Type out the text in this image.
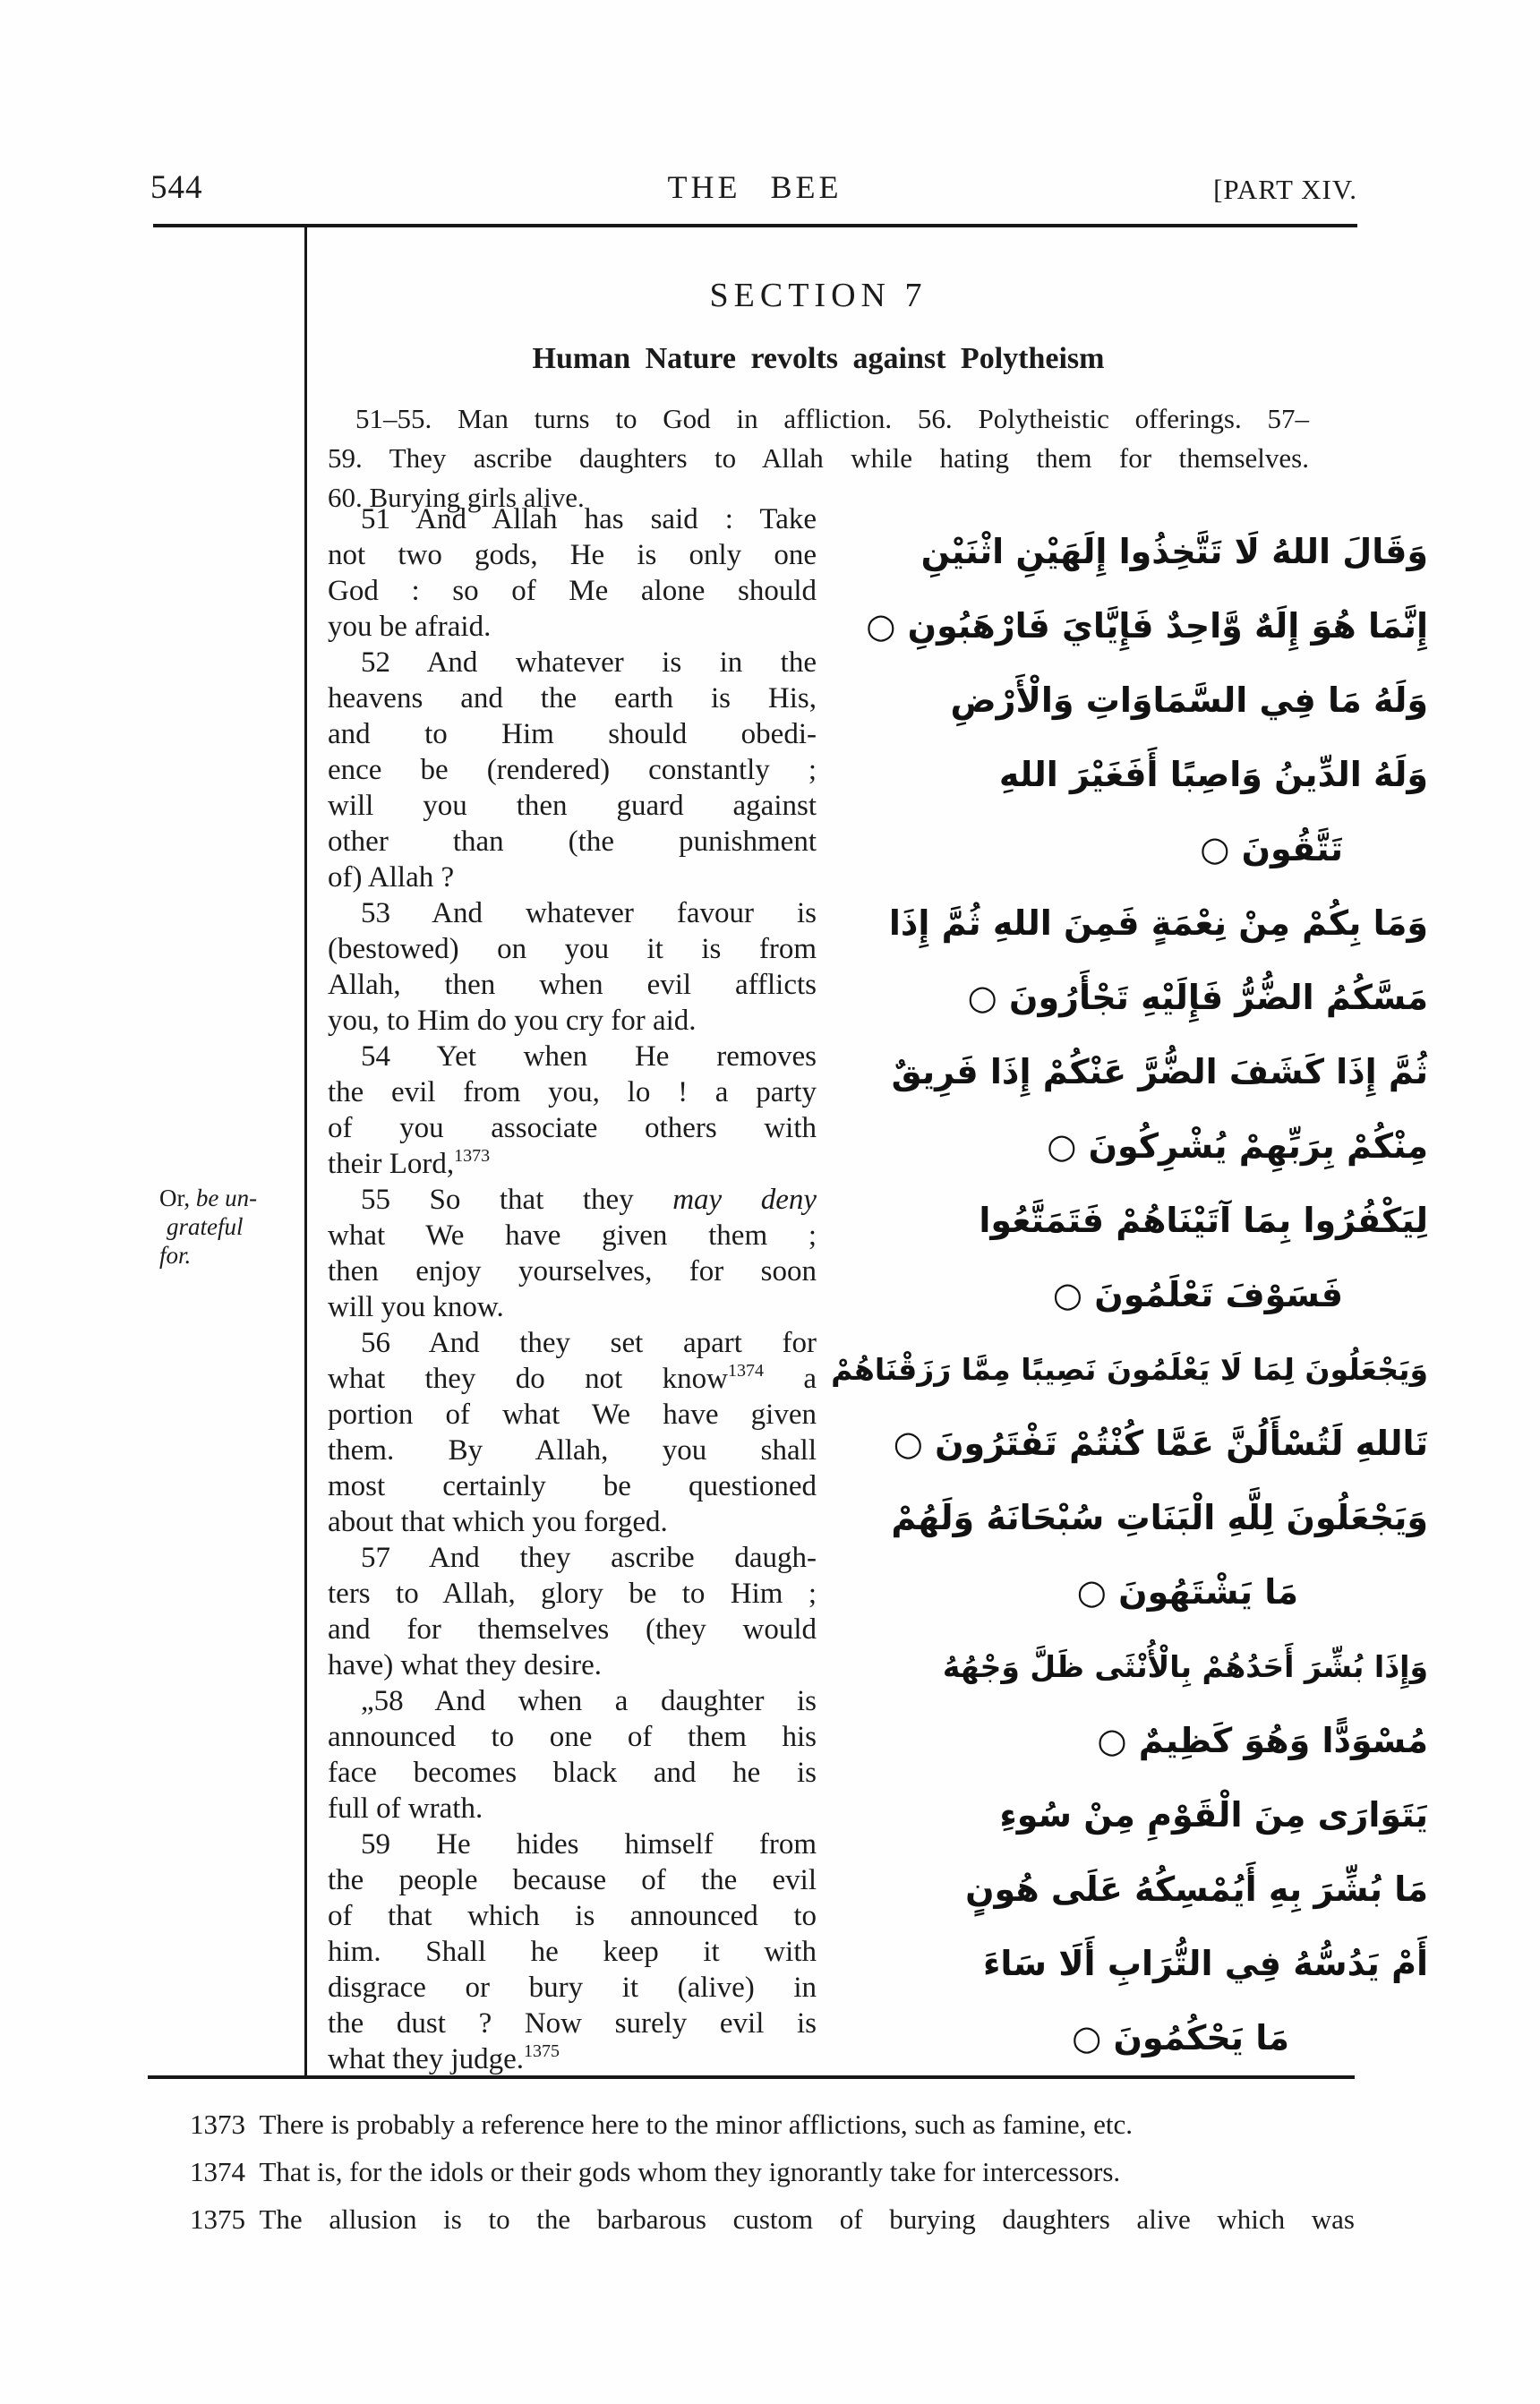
544	THE BEE	[PART XIV.
SECTION 7
Human Nature revolts against Polytheism
51–55. Man turns to God in affliction. 56. Polytheistic offerings. 57–
59. They ascribe daughters to Allah while hating them for themselves.
60. Burying girls alive.
Or, be un-
grateful
for.
51 And Allah has said : Take
not two gods, He is only one
God : so of Me alone should
you be afraid.
52 And whatever is in the
heavens and the earth is His,
and to Him should obedi-
ence be (rendered) constantly ;
will you then guard against
other than (the punishment
of) Allah ?
53 And whatever favour is
(bestowed) on you it is from
Allah, then when evil afflicts
you, to Him do you cry for aid.
54 Yet when He removes
the evil from you, lo ! a party
of you associate others with
their Lord,$^{1373}$
55 So that they may deny
what We have given them ;
then enjoy yourselves, for soon
will you know.
56 And they set apart for
what they do not know$^{1374}$ a
portion of what We have given
them. By Allah, you shall
most certainly be questioned
about that which you forged.
57 And they ascribe daugh-
ters to Allah, glory be to Him ;
and for themselves (they would
have) what they desire.
„58 And when a daughter is
announced to one of them his
face becomes black and he is
full of wrath.
59 He hides himself from
the people because of the evil
of that which is announced to
him. Shall he keep it with
disgrace or bury it (alive) in
the dust ? Now surely evil is
what they judge.$^{1375}$
وَقَالَ اللهُ لَا تَتَّخِذُوا إِلَهَيْنِ اثْنَيْنِ
إِنَّمَا هُوَ إِلَهٌ وَّاحِدٌ فَإِيَّايَ فَارْهَبُونِ ○
وَلَهُ مَا فِي السَّمَاوَاتِ وَالْأَرْضِ
وَلَهُ الدِّينُ وَاصِبًا أَفَغَيْرَ اللهِ
تَتَّقُونَ ○
وَمَا بِكُمْ مِنْ نِعْمَةٍ فَمِنَ اللهِ ثُمَّ إِذَا
مَسَّكُمُ الضُّرُّ فَإِلَيْهِ تَجْأَرُونَ ○
ثُمَّ إِذَا كَشَفَ الضُّرَّ عَنْكُمْ إِذَا فَرِيقٌ
مِنْكُمْ بِرَبِّهِمْ يُشْرِكُونَ ○
لِيَكْفُرُوا بِمَا آتَيْنَاهُمْ فَتَمَتَّعُوا
فَسَوْفَ تَعْلَمُونَ ○
وَيَجْعَلُونَ لِمَا لَا يَعْلَمُونَ نَصِيبًا مِمَّا رَزَقْنَاهُمْ
تَاللهِ لَتُسْأَلُنَّ عَمَّا كُنْتُمْ تَفْتَرُونَ ○
وَيَجْعَلُونَ لِلَّهِ الْبَنَاتِ سُبْحَانَهُ وَلَهُمْ
مَا يَشْتَهُونَ ○
وَإِذَا بُشِّرَ أَحَدُهُمْ بِالْأُنْثَى ظَلَّ وَجْهُهُ
مُسْوَدًّا وَهُوَ كَظِيمٌ ○
يَتَوَارَى مِنَ الْقَوْمِ مِنْ سُوءِ
مَا بُشِّرَ بِهِ أَيُمْسِكُهُ عَلَى هُونٍ
أَمْ يَدُسُّهُ فِي التُّرَابِ أَلَا سَاءَ
مَا يَحْكُمُونَ ○
1373 There is probably a reference here to the minor afflictions, such as famine, etc.
1374 That is, for the idols or their gods whom they ignorantly take for intercessors.
1375 The allusion is to the barbarous custom of burying daughters alive which was
